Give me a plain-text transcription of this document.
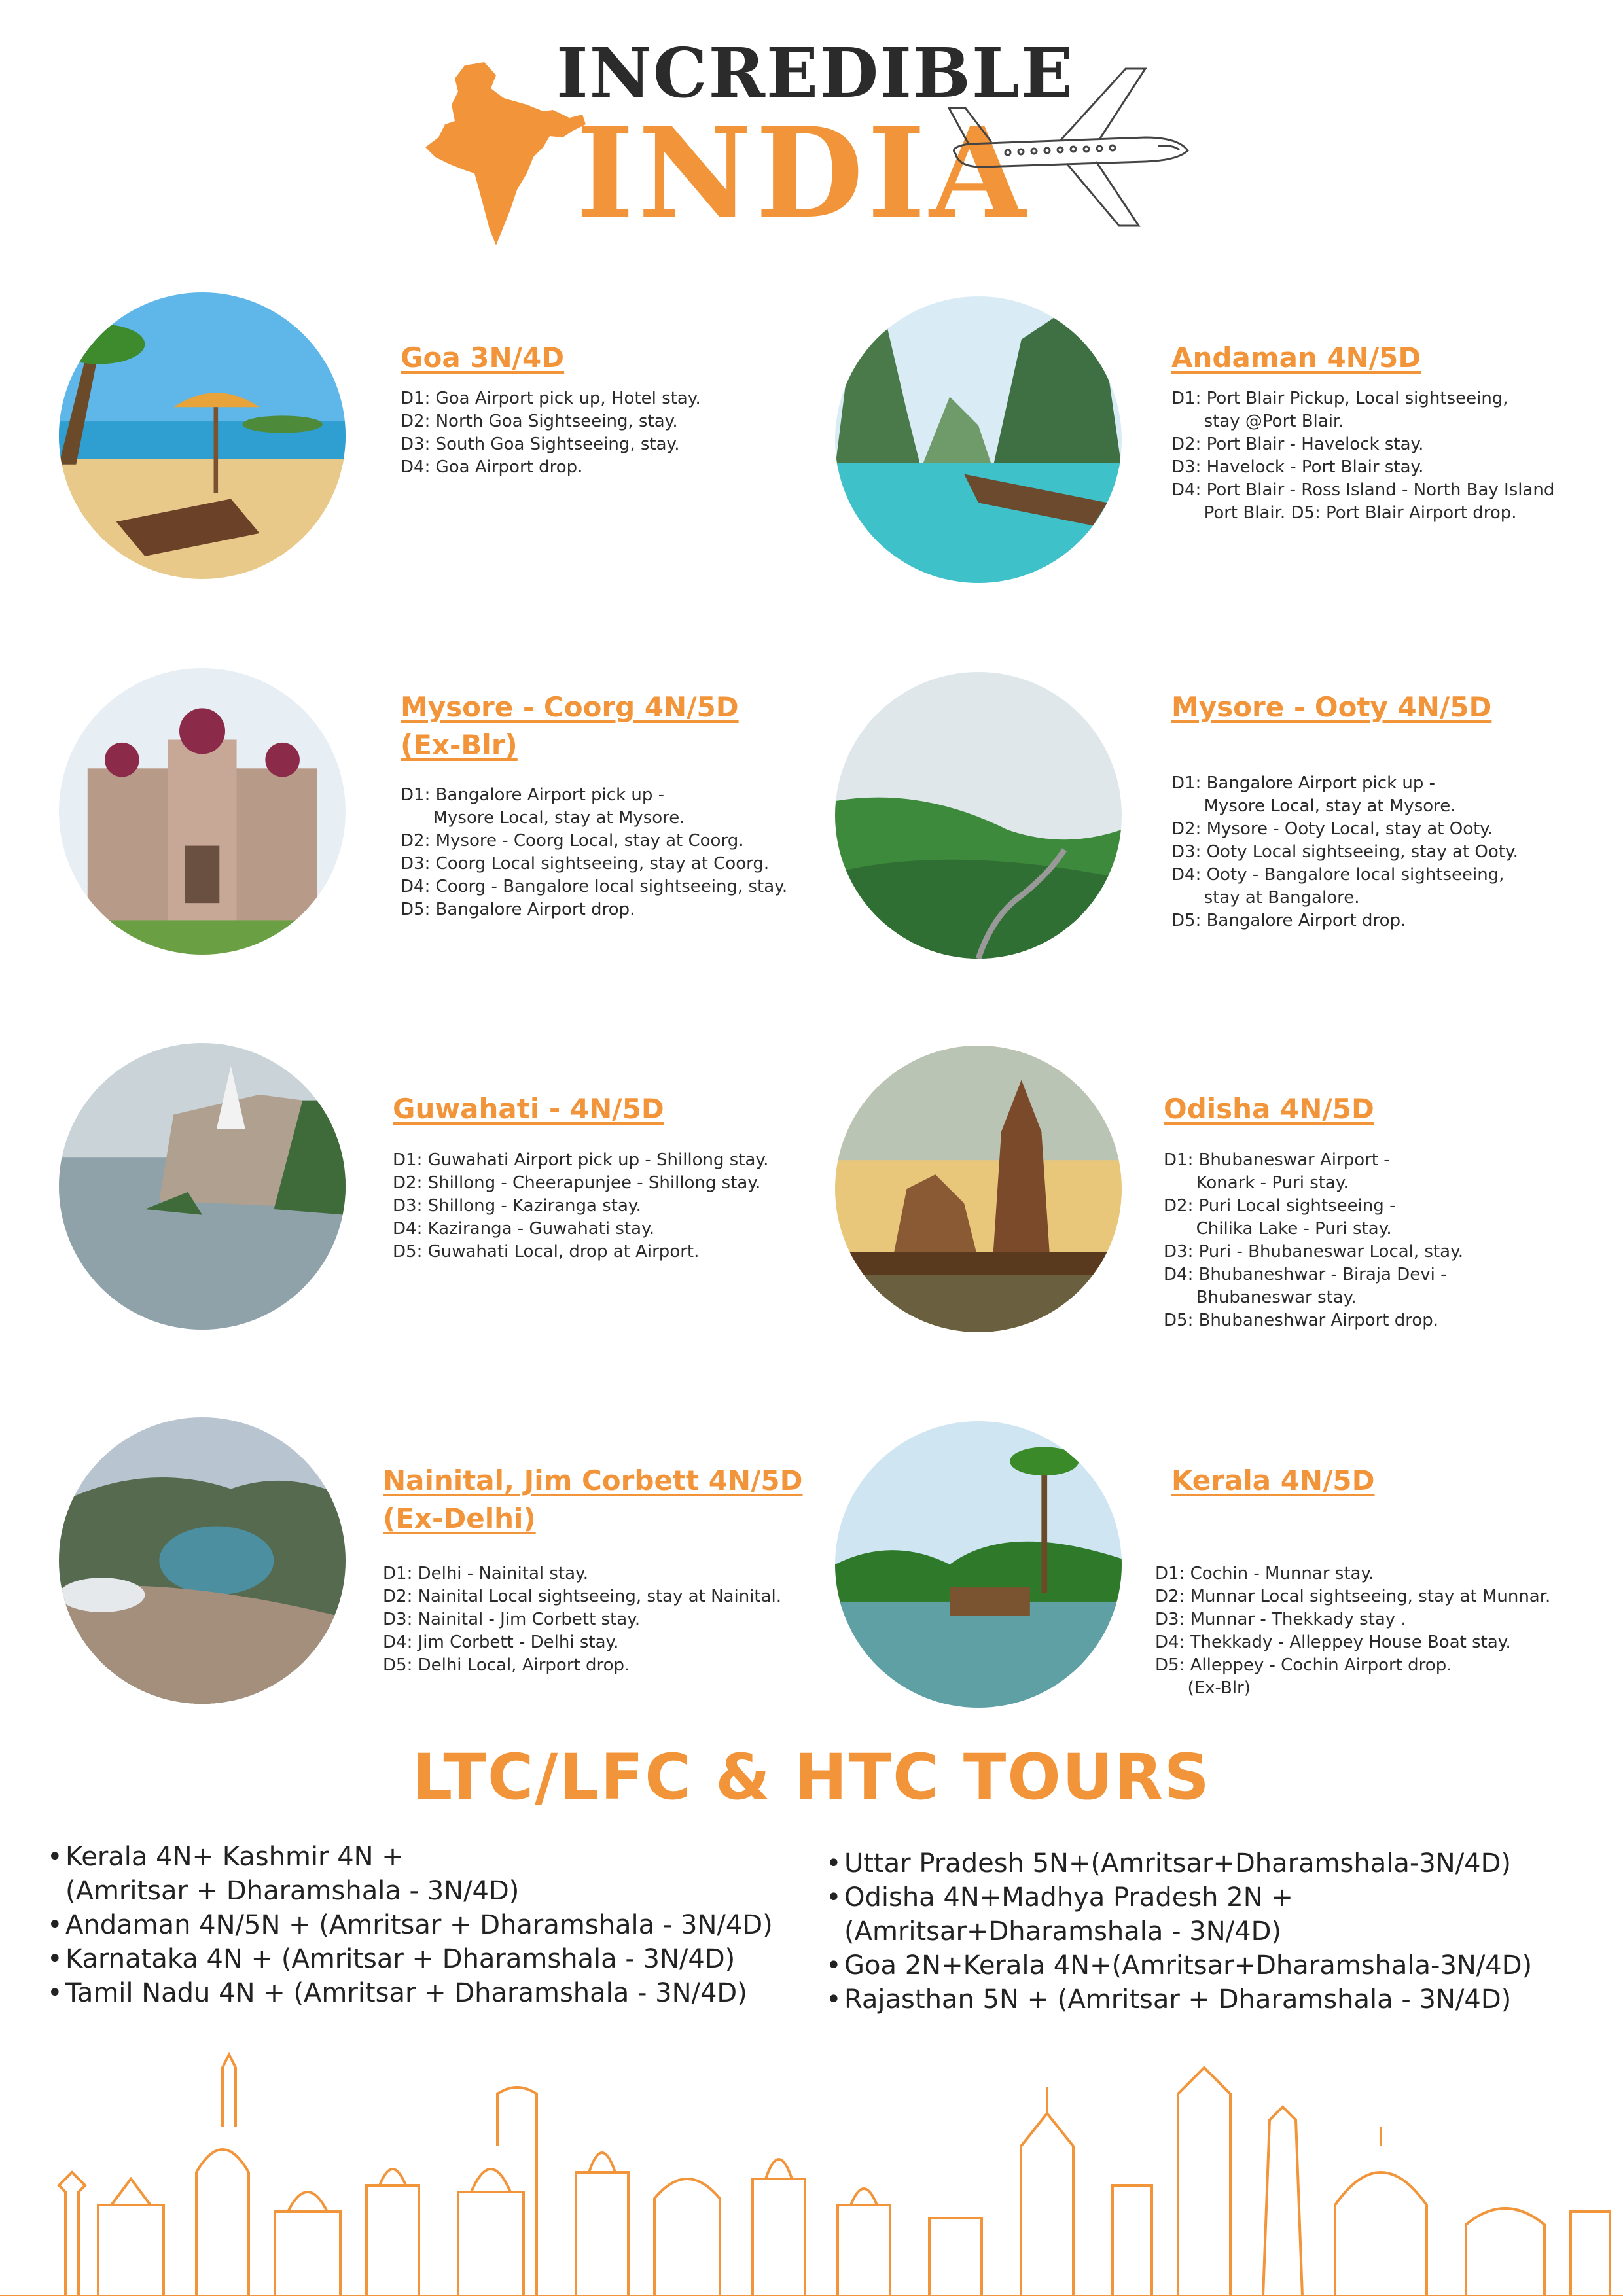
INCREDIBLE
INDIA
Goa 3N/4D
D1: Goa Airport pick up, Hotel stay.
D2: North Goa Sightseeing, stay.
D3: South Goa Sightseeing, stay.
D4: Goa Airport drop.
Andaman 4N/5D
D1: Port Blair Pickup, Local sightseeing,
stay @Port Blair.
D2: Port Blair - Havelock stay.
D3: Havelock - Port Blair stay.
D4: Port Blair - Ross Island - North Bay Island
Port Blair. D5: Port Blair Airport drop.
Mysore - Coorg 4N/5D
(Ex-Blr)
D1: Bangalore Airport pick up -
Mysore Local, stay at Mysore.
D2: Mysore - Coorg Local, stay at Coorg.
D3: Coorg Local sightseeing, stay at Coorg.
D4: Coorg - Bangalore local sightseeing, stay.
D5: Bangalore Airport drop.
Mysore - Ooty 4N/5D
D1: Bangalore Airport pick up -
Mysore Local, stay at Mysore.
D2: Mysore - Ooty Local, stay at Ooty.
D3: Ooty Local sightseeing, stay at Ooty.
D4: Ooty - Bangalore local sightseeing,
stay at Bangalore.
D5: Bangalore Airport drop.
Guwahati - 4N/5D
D1: Guwahati Airport pick up - Shillong stay.
D2: Shillong - Cheerapunjee - Shillong stay.
D3: Shillong - Kaziranga stay.
D4: Kaziranga - Guwahati stay.
D5: Guwahati Local, drop at Airport.
Odisha 4N/5D
D1: Bhubaneswar Airport -
Konark - Puri stay.
D2: Puri Local sightseeing -
Chilika Lake - Puri stay.
D3: Puri - Bhubaneswar Local, stay.
D4: Bhubaneshwar - Biraja Devi -
Bhubaneswar stay.
D5: Bhubaneshwar Airport drop.
Nainital, Jim Corbett 4N/5D
(Ex-Delhi)
D1: Delhi - Nainital stay.
D2: Nainital Local sightseeing, stay at Nainital.
D3: Nainital - Jim Corbett stay.
D4: Jim Corbett - Delhi stay.
D5: Delhi Local, Airport drop.
Kerala 4N/5D
D1: Cochin - Munnar stay.
D2: Munnar Local sightseeing, stay at Munnar.
D3: Munnar - Thekkady stay .
D4: Thekkady - Alleppey House Boat stay.
D5: Alleppey - Cochin Airport drop.
(Ex-Blr)
LTC/LFC & HTC TOURS
• Kerala 4N+ Kashmir 4N +
(Amritsar + Dharamshala - 3N/4D)
• Andaman 4N/5N + (Amritsar + Dharamshala - 3N/4D)
• Karnataka 4N + (Amritsar + Dharamshala - 3N/4D)
• Tamil Nadu 4N + (Amritsar + Dharamshala - 3N/4D)
• Uttar Pradesh 5N+(Amritsar+Dharamshala-3N/4D)
• Odisha 4N+Madhya Pradesh 2N +
(Amritsar+Dharamshala - 3N/4D)
• Goa 2N+Kerala 4N+(Amritsar+Dharamshala-3N/4D)
• Rajasthan 5N + (Amritsar + Dharamshala - 3N/4D)
